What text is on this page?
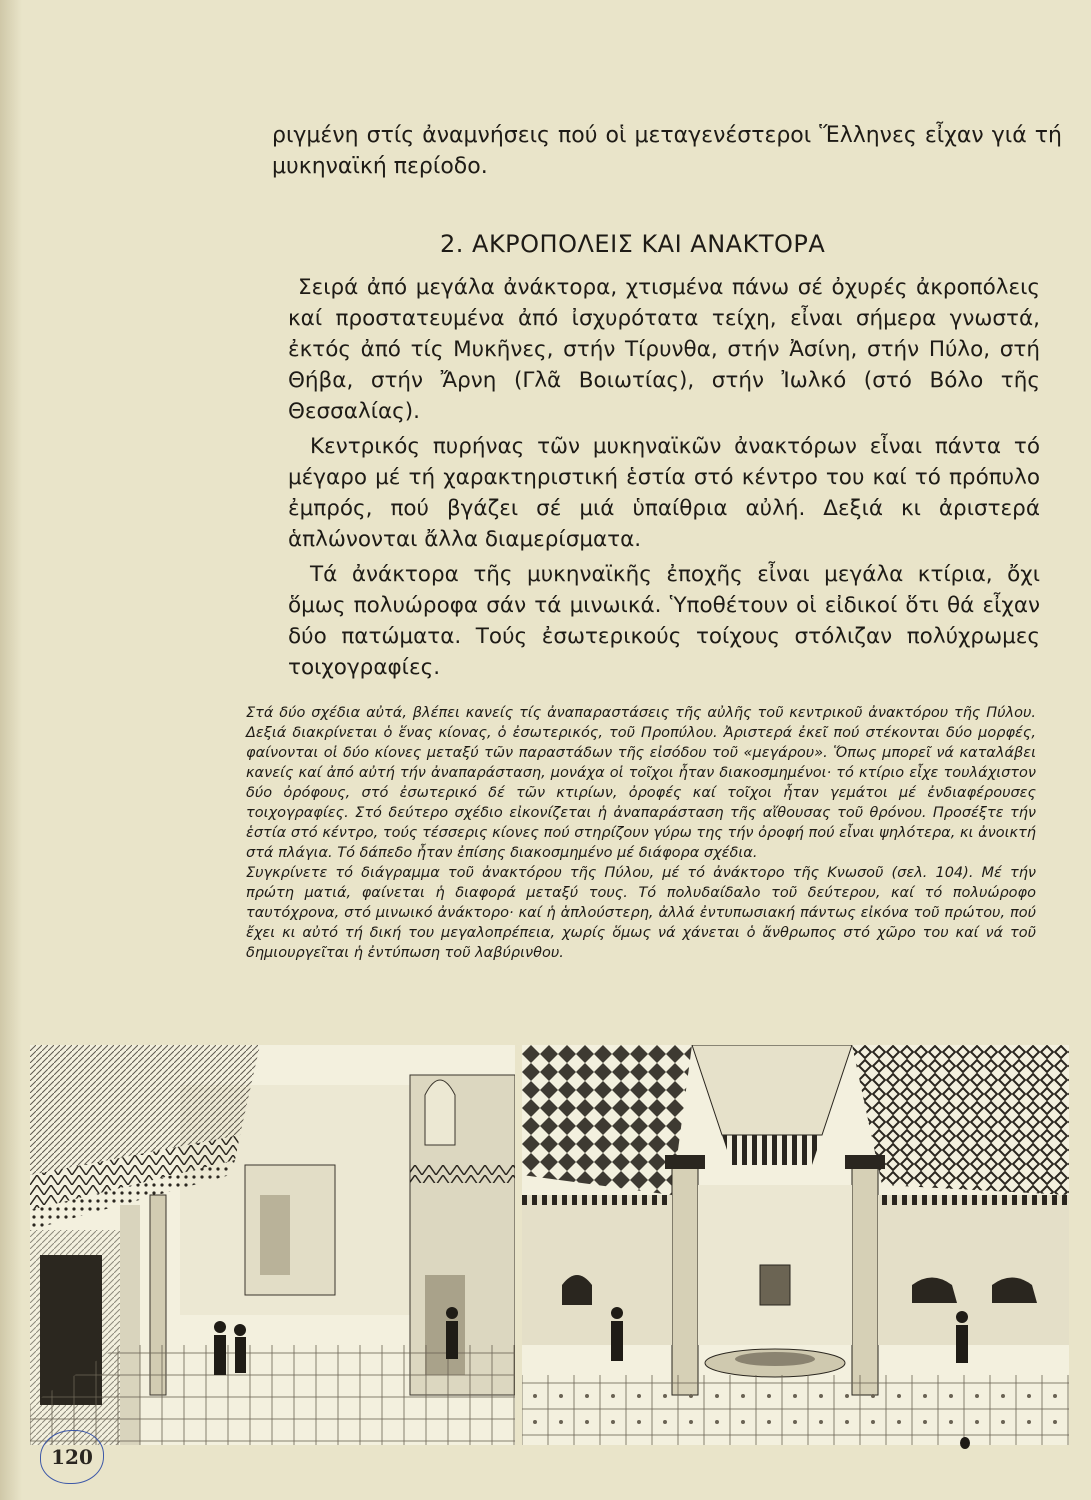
ριγμένη στίς ἀναμνήσεις πού οἱ μεταγενέστεροι Ἕλληνες εἶχαν γιά τή μυκηναϊκή περίοδο.

2. ΑΚΡΟΠΟΛΕΙΣ ΚΑΙ ΑΝΑΚΤΟΡΑ

Σειρά ἀπό μεγάλα ἀνάκτορα, χτισμένα πάνω σέ ὀχυρές ἀκροπόλεις καί προστατευμένα ἀπό ἰσχυρότατα τείχη, εἶναι σήμερα γνωστά, ἐκτός ἀπό τίς Μυκῆνες, στήν Τίρυνθα, στήν Ἀσίνη, στήν Πύλο, στή Θήβα, στήν Ἄρνη (Γλᾶ Βοιωτίας), στήν Ἰωλκό (στό Βόλο τῆς Θεσσαλίας).

Κεντρικός πυρήνας τῶν μυκηναϊκῶν ἀνακτόρων εἶναι πάντα τό μέγαρο μέ τή χαρακτηριστική ἑστία στό κέντρο του καί τό πρόπυλο ἐμπρός, πού βγάζει σέ μιά ὑπαίθρια αὐλή. Δεξιά κι ἀριστερά ἁπλώνονται ἄλλα διαμερίσματα.

Τά ἀνάκτορα τῆς μυκηναϊκῆς ἐποχῆς εἶναι μεγάλα κτίρια, ὄχι ὅμως πολυώροφα σάν τά μινωικά. Ὑποθέτουν οἱ εἰδικοί ὅτι θά εἶχαν δύο πατώματα. Τούς ἐσωτερικούς τοίχους στόλιζαν πολύχρωμες τοιχογραφίες.

Στά δύο σχέδια αὐτά, βλέπει κανείς τίς ἀναπαραστάσεις τῆς αὐλῆς τοῦ κεντρικοῦ ἀνακτόρου τῆς Πύλου. Δεξιά διακρίνεται ὁ ἕνας κίονας, ὁ ἐσωτερικός, τοῦ Προπύλου. Ἀριστερά ἐκεῖ πού στέκονται δύο μορφές, φαίνονται οἱ δύο κίονες μεταξύ τῶν παραστάδων τῆς εἰσόδου τοῦ «μεγάρου». Ὅπως μπορεῖ νά καταλάβει κανείς καί ἀπό αὐτή τήν ἀναπαράσταση, μονάχα οἱ τοῖχοι ἦταν διακοσμημένοι· τό κτίριο εἶχε τουλάχιστον δύο ὀρόφους, στό ἐσωτερικό δέ τῶν κτιρίων, ὀροφές καί τοῖχοι ἦταν γεμάτοι μέ ἐνδιαφέρουσες τοιχογραφίες. Στό δεύτερο σχέδιο εἰκονίζεται ἡ ἀναπαράσταση τῆς αἴθουσας τοῦ θρόνου. Προσέξτε τήν ἑστία στό κέντρο, τούς τέσσερις κίονες πού στηρίζουν γύρω της τήν ὀροφή πού εἶναι ψηλότερα, κι ἀνοικτή στά πλάγια. Τό δάπεδο ἦταν ἐπίσης διακοσμημένο μέ διάφορα σχέδια.

Συγκρίνετε τό διάγραμμα τοῦ ἀνακτόρου τῆς Πύλου, μέ τό ἀνάκτορο τῆς Κνωσοῦ (σελ. 104). Μέ τήν πρώτη ματιά, φαίνεται ἡ διαφορά μεταξύ τους. Τό πολυδαίδαλο τοῦ δεύτερου, καί τό πολυώροφο ταυτόχρονα, στό μινωικό ἀνάκτορο· καί ἡ ἁπλούστερη, ἀλλά ἐντυπωσιακή πάντως εἰκόνα τοῦ πρώτου, πού ἔχει κι αὐτό τή δική του μεγαλοπρέπεια, χωρίς ὅμως νά χάνεται ὁ ἄνθρωπος στό χῶρο του καί νά τοῦ δημιουργεῖται ἡ ἐντύπωση τοῦ λαβύρινθου.

120
